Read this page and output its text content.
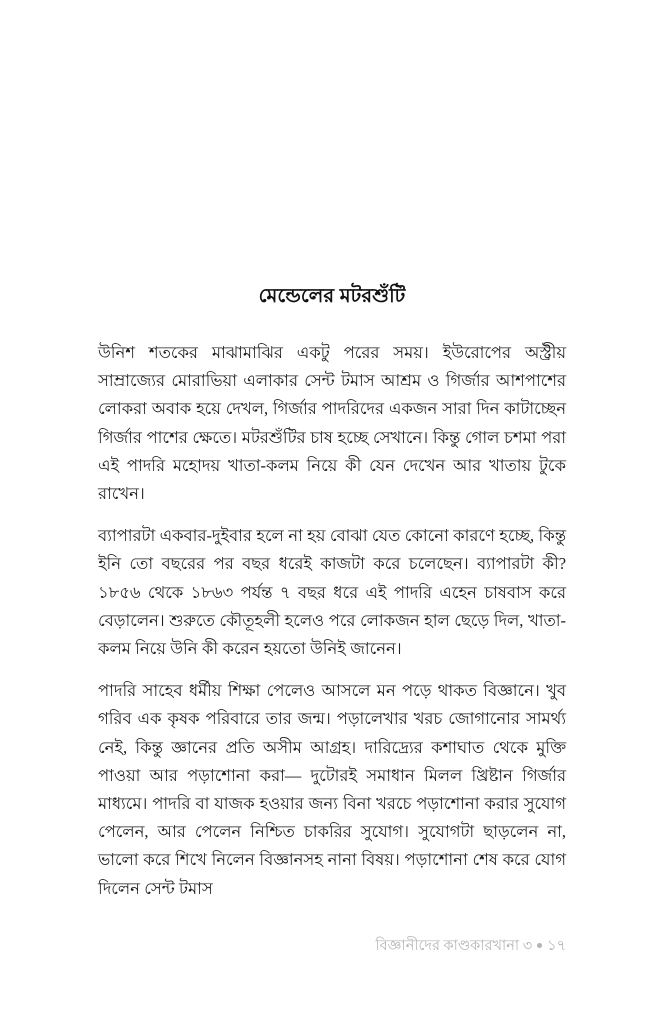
মেন্ডেলের মটরশুঁটি

উনিশ শতকের মাঝামাঝির একটু পরের সময়। ইউরোপের অস্ট্রীয় সাম্রাজ্যের মোরাভিয়া এলাকার সেন্ট টমাস আশ্রম ও গির্জার আশপাশের লোকরা অবাক হয়ে দেখল, গির্জার পাদরিদের একজন সারা দিন কাটাচ্ছেন গির্জার পাশের ক্ষেতে। মটরশুঁটির চাষ হচ্ছে সেখানে। কিন্তু গোল চশমা পরা এই পাদরি মহোদয় খাতা-কলম নিয়ে কী যেন দেখেন আর খাতায় টুকে রাখেন।

ব্যাপারটা একবার-দুইবার হলে না হয় বোঝা যেত কোনো কারণে হচ্ছে, কিন্তু ইনি তো বছরের পর বছর ধরেই কাজটা করে চলেছেন। ব্যাপারটা কী? ১৮৫৬ থেকে ১৮৬৩ পর্যন্ত ৭ বছর ধরে এই পাদরি এহেন চাষবাস করে বেড়ালেন। শুরুতে কৌতূহলী হলেও পরে লোকজন হাল ছেড়ে দিল, খাতা-কলম নিয়ে উনি কী করেন হয়তো উনিই জানেন।

পাদরি সাহেব ধর্মীয় শিক্ষা পেলেও আসলে মন পড়ে থাকত বিজ্ঞানে। খুব গরিব এক কৃষক পরিবারে তার জন্ম। পড়ালেখার খরচ জোগানোর সামর্থ্য নেই, কিন্তু জ্ঞানের প্রতি অসীম আগ্রহ। দারিদ্র্যের কশাঘাত থেকে মুক্তি পাওয়া আর পড়াশোনা করা— দুটোরই সমাধান মিলল খ্রিষ্টান গির্জার মাধ্যমে। পাদরি বা যাজক হওয়ার জন্য বিনা খরচে পড়াশোনা করার সুযোগ পেলেন, আর পেলেন নিশ্চিত চাকরির সুযোগ। সুযোগটা ছাড়লেন না, ভালো করে শিখে নিলেন বিজ্ঞানসহ নানা বিষয়। পড়াশোনা শেষ করে যোগ দিলেন সেন্ট টমাস

বিজ্ঞানীদের কাণ্ডকারখানা ৩ ১৭
